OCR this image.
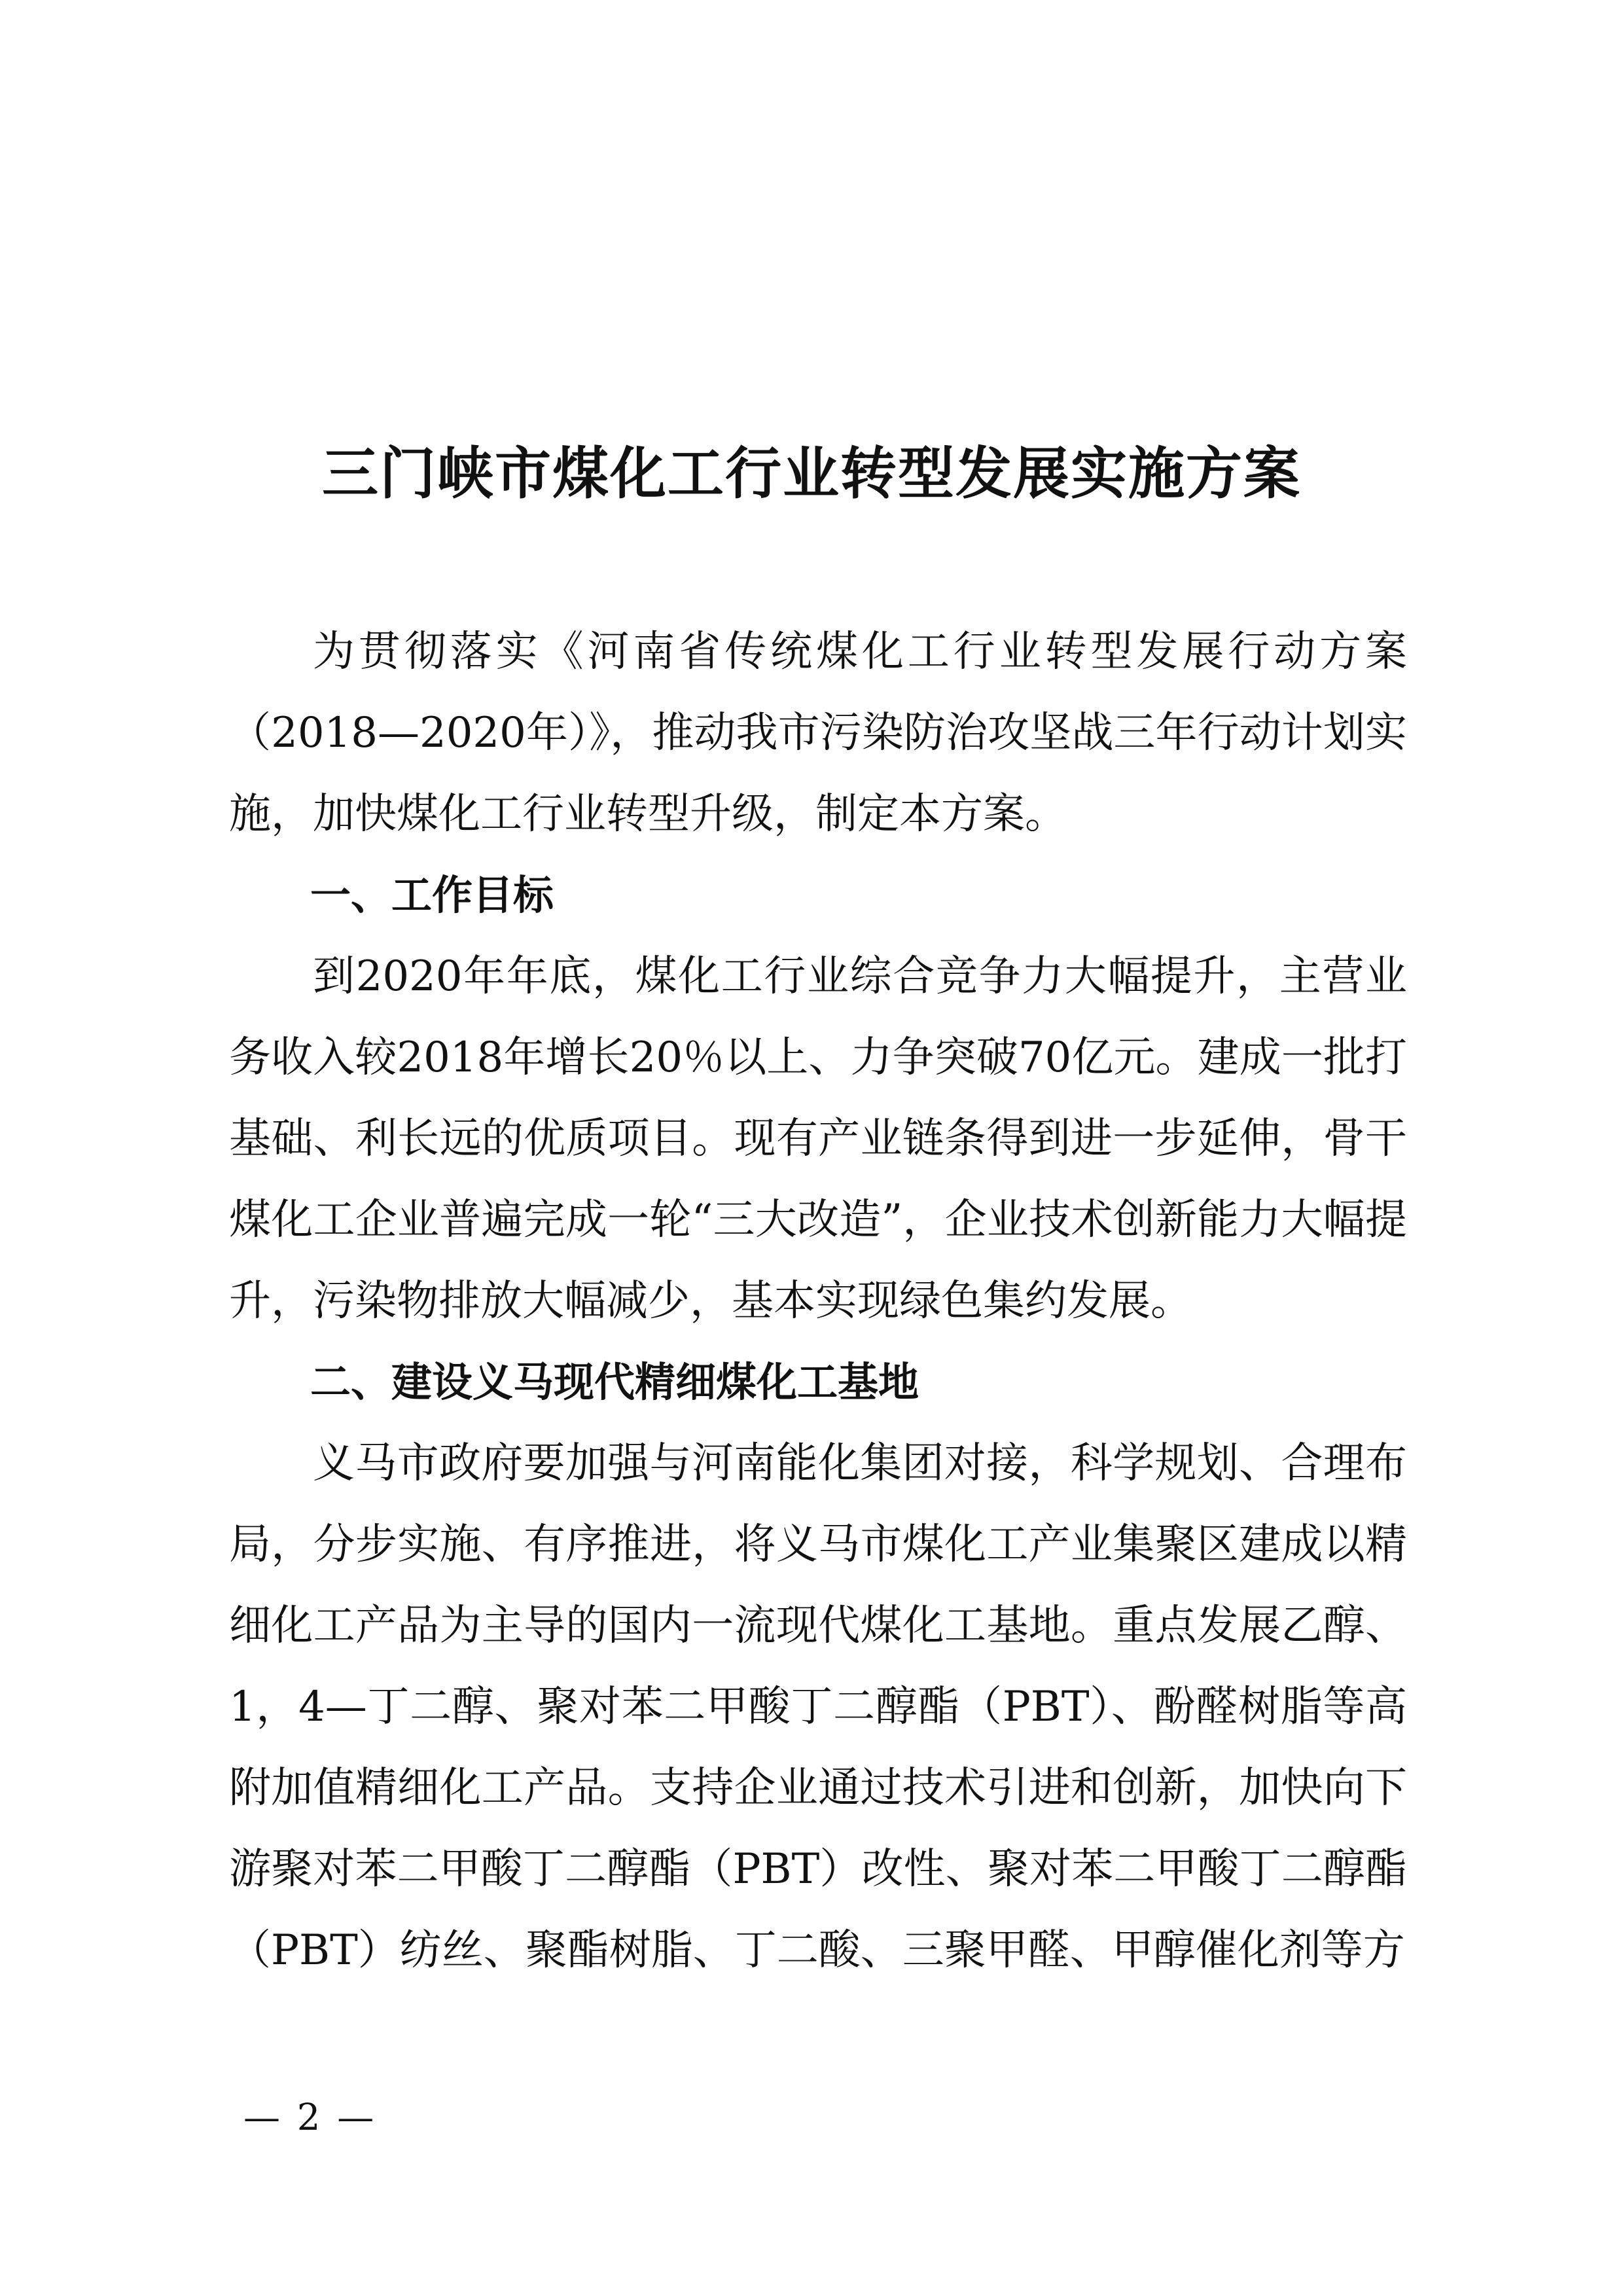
三门峡市煤化工行业转型发展实施方案

为贯彻落实《河南省传统煤化工行业转型发展行动方案（2018—2020年）》，推动我市污染防治攻坚战三年行动计划实施，加快煤化工行业转型升级，制定本方案。

一、工作目标

到2020年年底，煤化工行业综合竞争力大幅提升，主营业务收入较2018年增长20％以上、力争突破70亿元。建成一批打基础、利长远的优质项目。现有产业链条得到进一步延伸，骨干煤化工企业普遍完成一轮“三大改造”，企业技术创新能力大幅提升，污染物排放大幅减少，基本实现绿色集约发展。

二、建设义马现代精细煤化工基地

义马市政府要加强与河南能化集团对接，科学规划、合理布局，分步实施、有序推进，将义马市煤化工产业集聚区建成以精细化工产品为主导的国内一流现代煤化工基地。重点发展乙醇、1，4—丁二醇、聚对苯二甲酸丁二醇酯（PBT）、酚醛树脂等高附加值精细化工产品。支持企业通过技术引进和创新，加快向下游聚对苯二甲酸丁二醇酯（PBT）改性、聚对苯二甲酸丁二醇酯（PBT）纺丝、聚酯树脂、丁二酸、三聚甲醛、甲醇催化剂等方

— 2 —
